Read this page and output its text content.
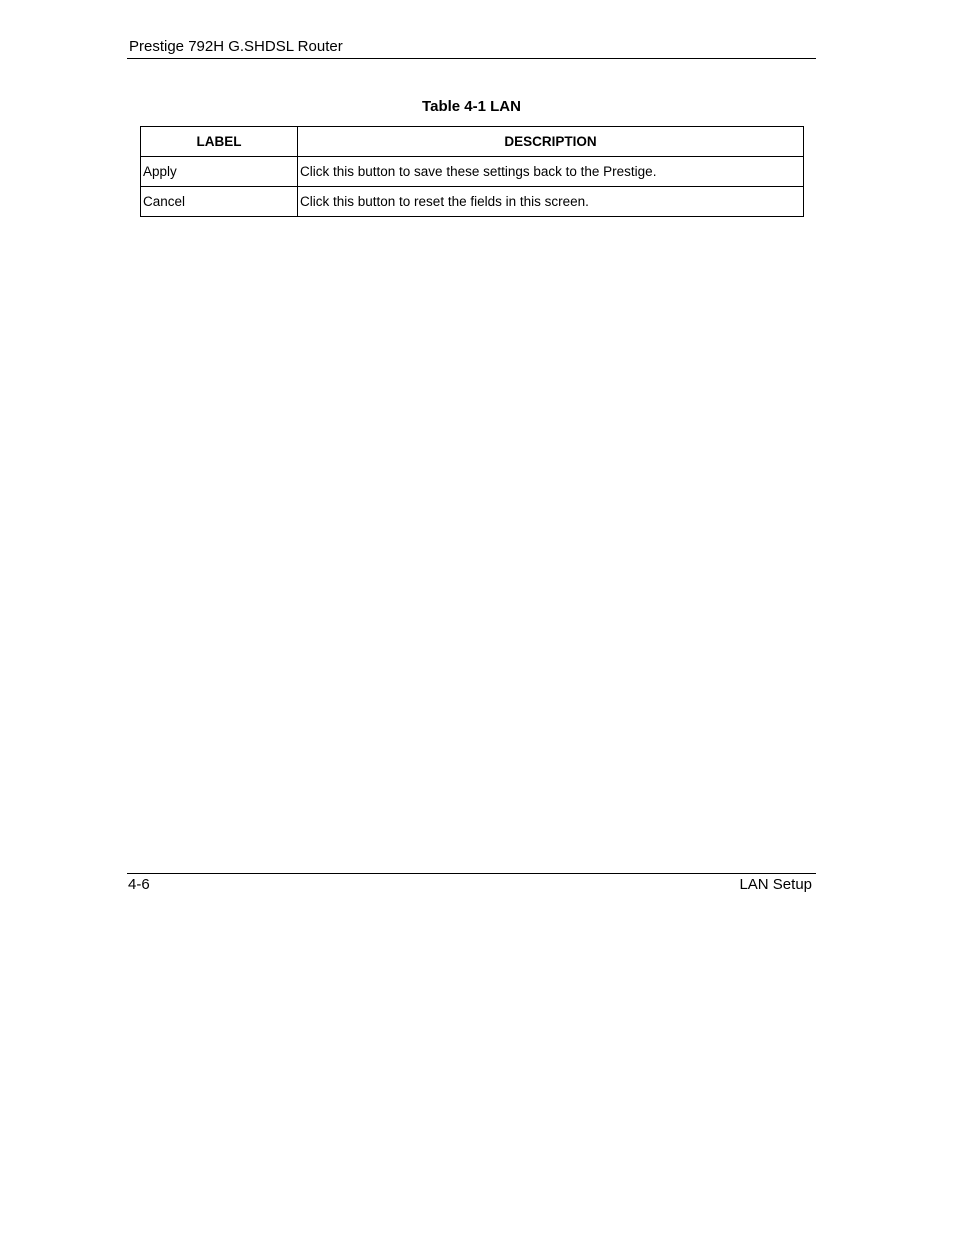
Prestige 792H G.SHDSL Router
Table 4-1 LAN
LABEL	DESCRIPTION
Apply	Click this button to save these settings back to the Prestige.
Cancel	Click this button to reset the fields in this screen.
4-6	LAN Setup
